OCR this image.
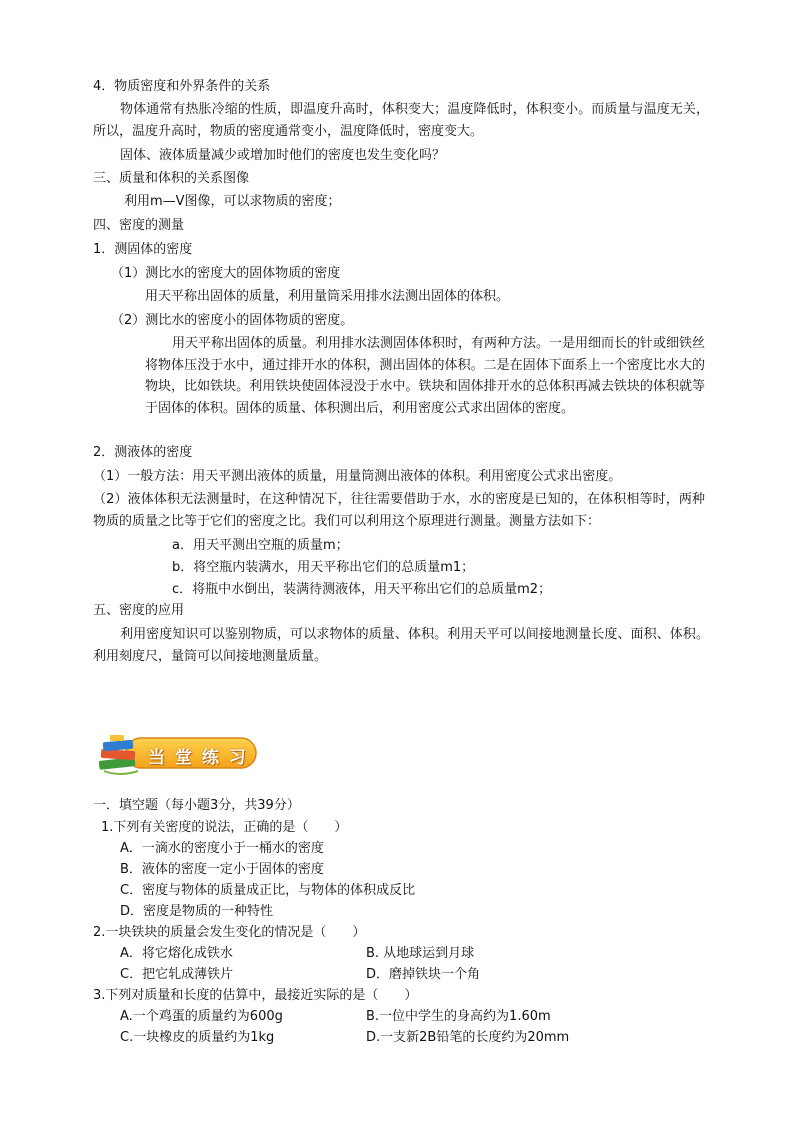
4．物质密度和外界条件的关系
物体通常有热胀冷缩的性质，即温度升高时，体积变大；温度降低时，体积变小。而质量与温度无关，所以，温度升高时，物质的密度通常变小，温度降低时，密度变大。
固体、液体质量减少或增加时他们的密度也发生变化吗？
三、质量和体积的关系图像
利用m—V图像，可以求物质的密度；
四、密度的测量
1．测固体的密度
（1）测比水的密度大的固体物质的密度
用天平称出固体的质量，利用量筒采用排水法测出固体的体积。
（2）测比水的密度小的固体物质的密度。
用天平称出固体的质量。利用排水法测固体体积时，有两种方法。一是用细而长的针或细铁丝将物体压没于水中，通过排开水的体积，测出固体的体积。二是在固体下面系上一个密度比水大的物块，比如铁块。利用铁块使固体浸没于水中。铁块和固体排开水的总体积再减去铁块的体积就等于固体的体积。固体的质量、体积测出后，利用密度公式求出固体的密度。
2．测液体的密度
（1）一般方法：用天平测出液体的质量，用量筒测出液体的体积。利用密度公式求出密度。
（2）液体体积无法测量时，在这种情况下，往往需要借助于水，水的密度是已知的，在体积相等时，两种物质的质量之比等于它们的密度之比。我们可以利用这个原理进行测量。测量方法如下：
a．用天平测出空瓶的质量m；
b．将空瓶内装满水，用天平称出它们的总质量m1；
c．将瓶中水倒出，装满待测液体，用天平称出它们的总质量m2；
五、密度的应用
利用密度知识可以鉴别物质，可以求物体的质量、体积。利用天平可以间接地测量长度、面积、体积。利用刻度尺，量筒可以间接地测量质量。
当 堂 练 习
一．填空题（每小题3分，共39分）
1.下列有关密度的说法，正确的是（　　）
A．一滴水的密度小于一桶水的密度
B．液体的密度一定小于固体的密度
C．密度与物体的质量成正比，与物体的体积成反比
D．密度是物质的一种特性
2.一块铁块的质量会发生变化的情况是（　　）
A．将它熔化成铁水	B. 从地球运到月球
C．把它轧成薄铁片	D．磨掉铁块一个角
3.下列对质量和长度的估算中，最接近实际的是（　　）
A.一个鸡蛋的质量约为600g	B.一位中学生的身高约为1.60m
C.一块橡皮的质量约为1kg	D.一支新2B铅笔的长度约为20mm
